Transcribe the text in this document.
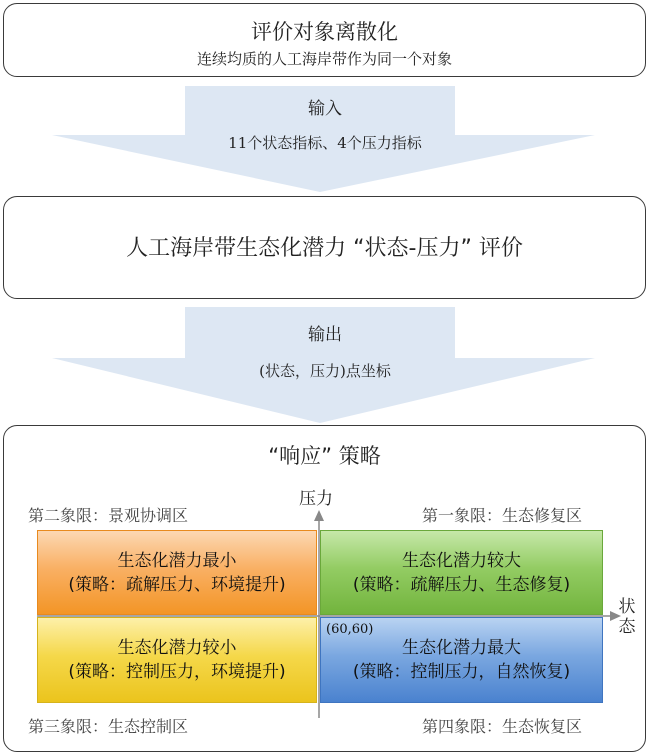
评价对象离散化
连续均质的人工海岸带作为同一个对象
输入
11个状态指标、4个压力指标
人工海岸带生态化潜力 “状态-压力” 评价
输出
(状态，压力)点坐标
“响应” 策略
第二象限：景观协调区	第一象限：生态修复区
第三象限：生态控制区	第四象限：生态恢复区
生态化潜力最小
(策略：疏解压力、环境提升)
生态化潜力较大
(策略：疏解压力、生态修复)
生态化潜力较小
(策略：控制压力，环境提升)
生态化潜力最大
(策略：控制压力，自然恢复)
压力
状态
(60,60)
